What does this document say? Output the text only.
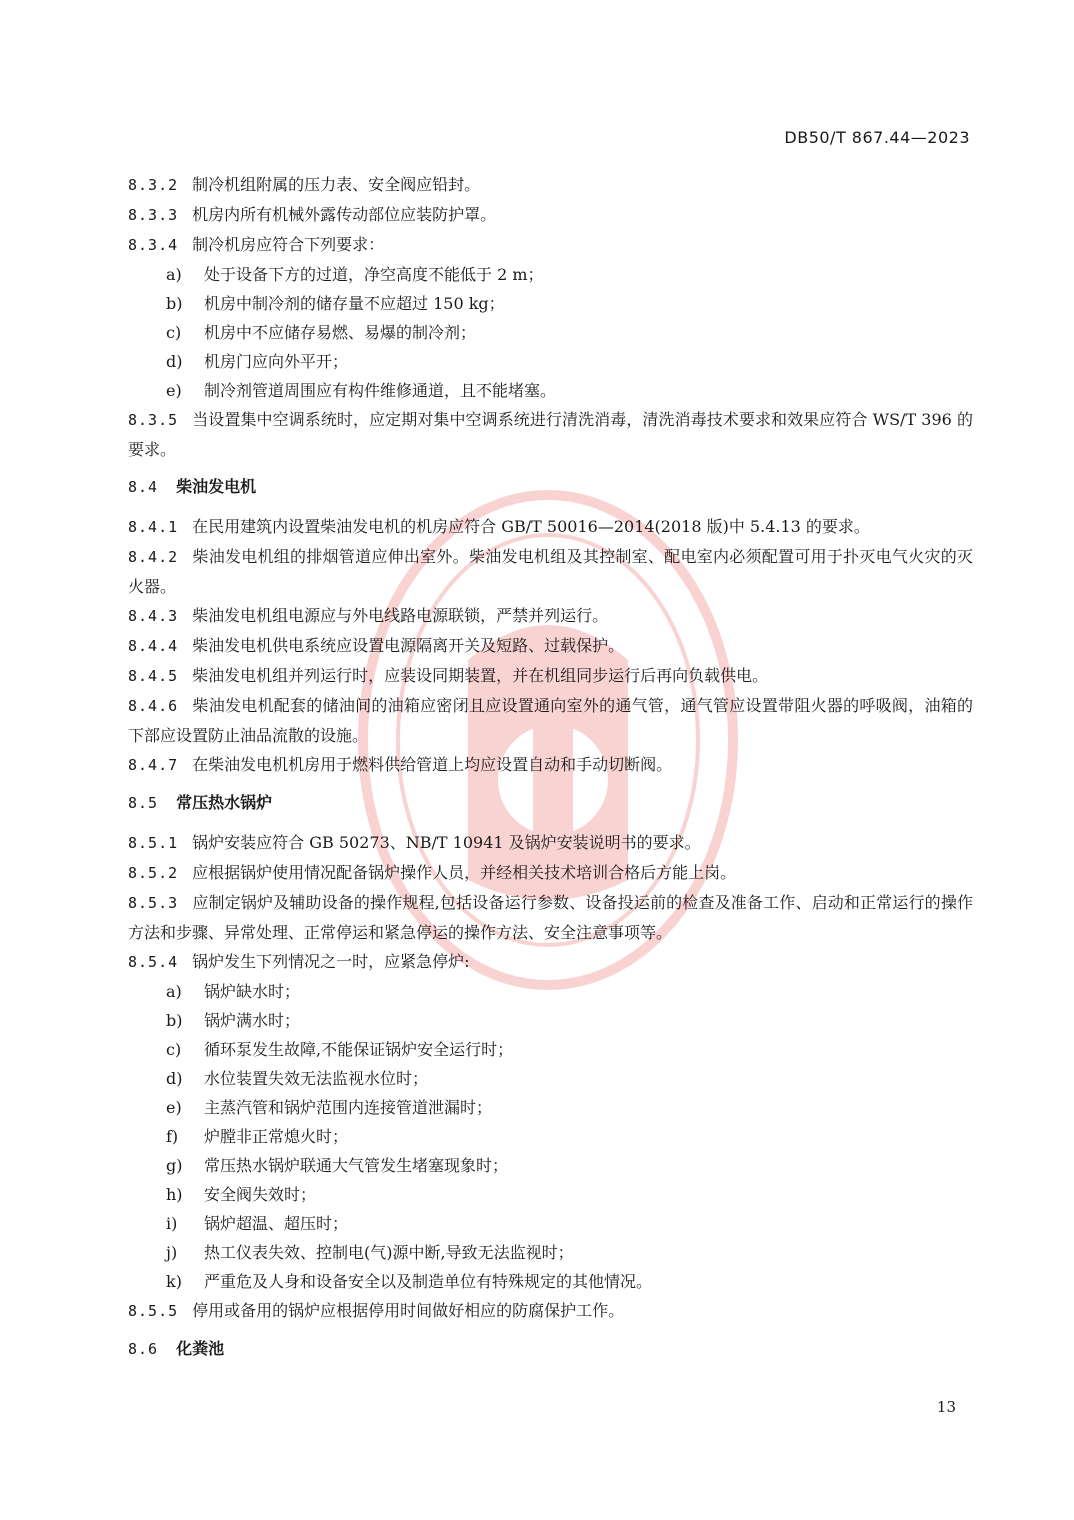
DB50/T 867.44—2023
8.3.2 制冷机组附属的压力表、安全阀应铅封。
8.3.3 机房内所有机械外露传动部位应装防护罩。
8.3.4 制冷机房应符合下列要求：
a) 处于设备下方的过道，净空高度不能低于 2 m；
b) 机房中制冷剂的储存量不应超过 150 kg；
c) 机房中不应储存易燃、易爆的制冷剂；
d) 机房门应向外平开；
e) 制冷剂管道周围应有构件维修通道，且不能堵塞。
8.3.5 当设置集中空调系统时，应定期对集中空调系统进行清洗消毒，清洗消毒技术要求和效果应符合 WS/T 396 的要求。
8.4 柴油发电机
8.4.1 在民用建筑内设置柴油发电机的机房应符合 GB/T 50016—2014(2018 版)中 5.4.13 的要求。
8.4.2 柴油发电机组的排烟管道应伸出室外。柴油发电机组及其控制室、配电室内必须配置可用于扑灭电气火灾的灭火器。
8.4.3 柴油发电机组电源应与外电线路电源联锁，严禁并列运行。
8.4.4 柴油发电机供电系统应设置电源隔离开关及短路、过载保护。
8.4.5 柴油发电机组并列运行时，应装设同期装置，并在机组同步运行后再向负载供电。
8.4.6 柴油发电机配套的储油间的油箱应密闭且应设置通向室外的通气管，通气管应设置带阻火器的呼吸阀，油箱的下部应设置防止油品流散的设施。
8.4.7 在柴油发电机机房用于燃料供给管道上均应设置自动和手动切断阀。
8.5 常压热水锅炉
8.5.1 锅炉安装应符合 GB 50273、NB/T 10941 及锅炉安装说明书的要求。
8.5.2 应根据锅炉使用情况配备锅炉操作人员，并经相关技术培训合格后方能上岗。
8.5.3 应制定锅炉及辅助设备的操作规程,包括设备运行参数、设备投运前的检查及准备工作、启动和正常运行的操作方法和步骤、异常处理、正常停运和紧急停运的操作方法、安全注意事项等。
8.5.4 锅炉发生下列情况之一时，应紧急停炉:
a) 锅炉缺水时；
b) 锅炉满水时；
c) 循环泵发生故障,不能保证锅炉安全运行时；
d) 水位装置失效无法监视水位时；
e) 主蒸汽管和锅炉范围内连接管道泄漏时；
f) 炉膛非正常熄火时；
g) 常压热水锅炉联通大气管发生堵塞现象时；
h) 安全阀失效时；
i) 锅炉超温、超压时；
j) 热工仪表失效、控制电(气)源中断,导致无法监视时；
k) 严重危及人身和设备安全以及制造单位有特殊规定的其他情况。
8.5.5 停用或备用的锅炉应根据停用时间做好相应的防腐保护工作。
8.6 化粪池
13
